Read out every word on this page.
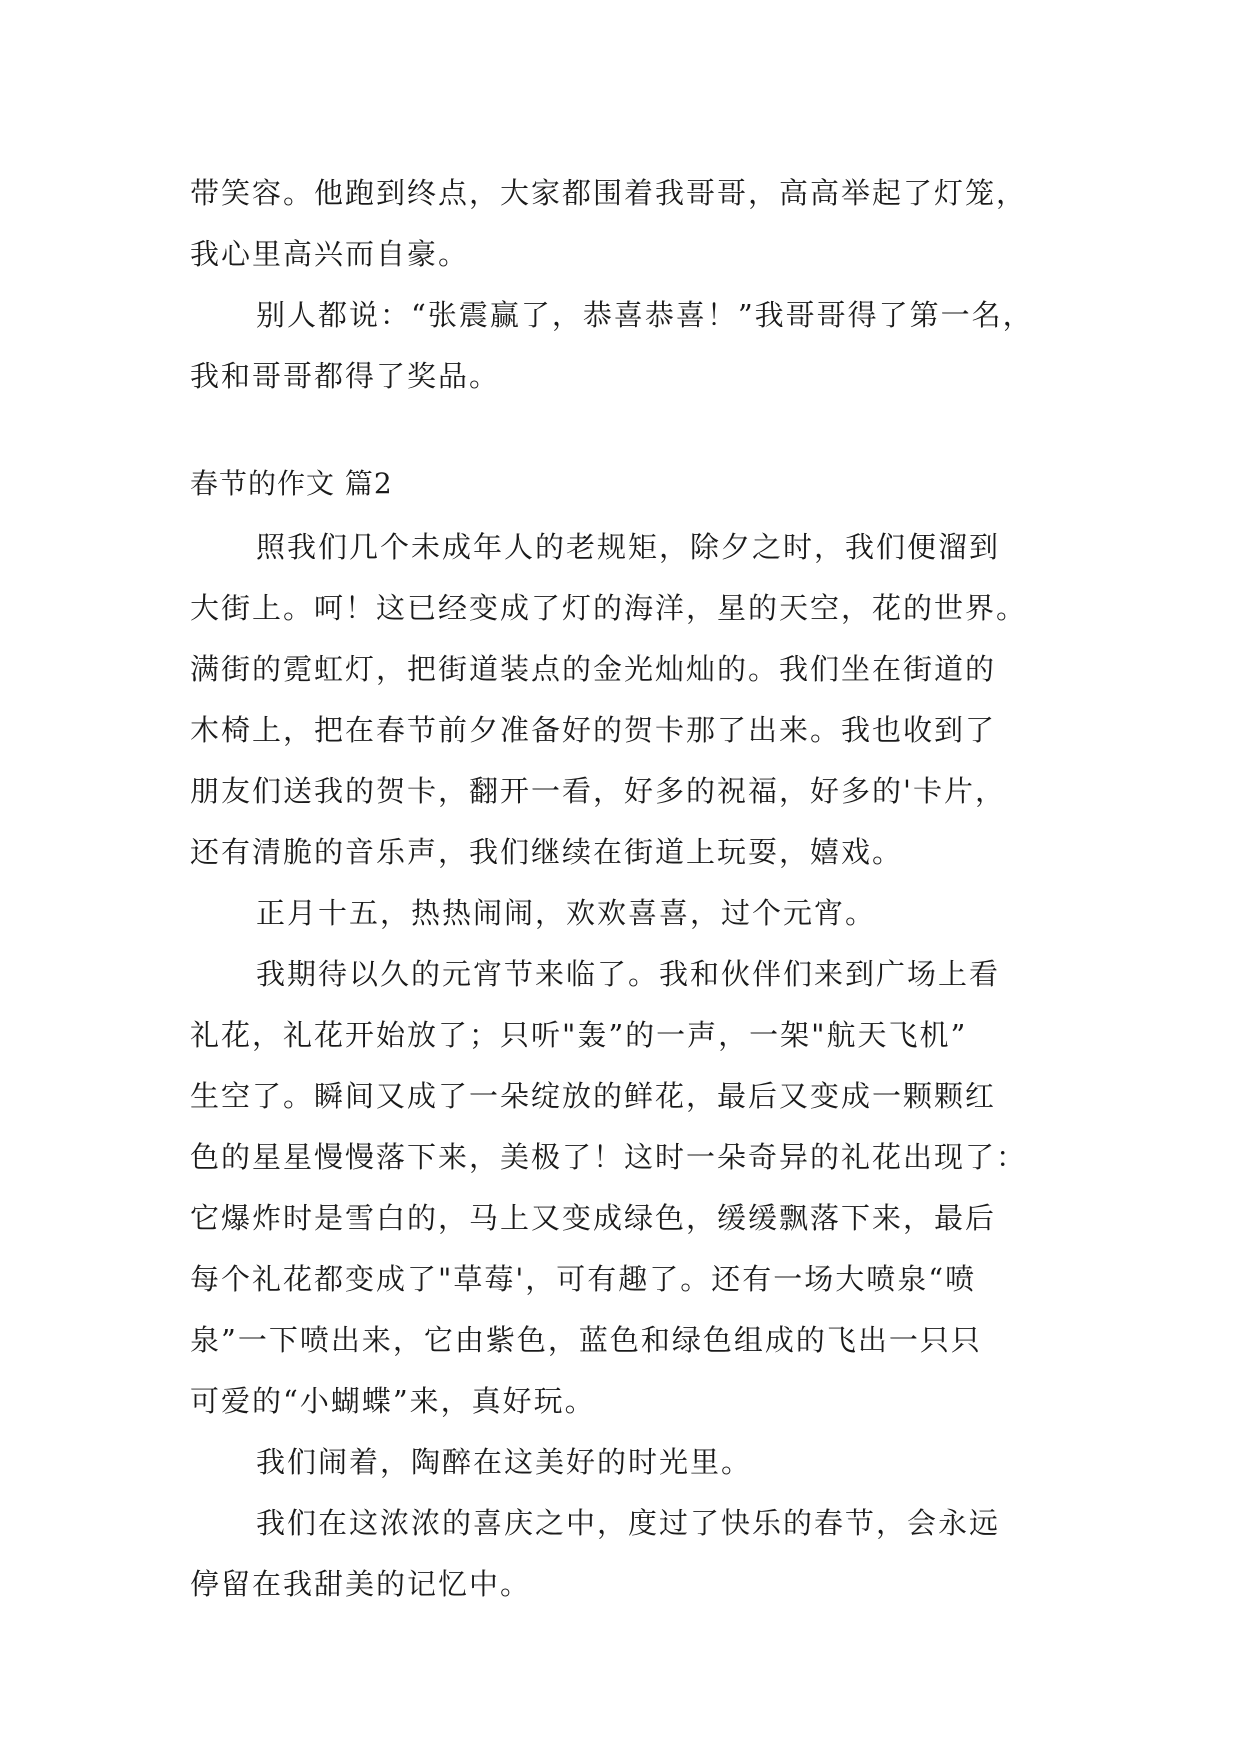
带笑容。他跑到终点，大家都围着我哥哥，高高举起了灯笼，
我心里高兴而自豪。
别人都说：“张震赢了，恭喜恭喜！”我哥哥得了第一名，
我和哥哥都得了奖品。
春节的作文 篇2
照我们几个未成年人的老规矩，除夕之时，我们便溜到
大街上。呵！这已经变成了灯的海洋，星的天空，花的世界。
满街的霓虹灯，把街道装点的金光灿灿的。我们坐在街道的
木椅上，把在春节前夕准备好的贺卡那了出来。我也收到了
朋友们送我的贺卡，翻开一看，好多的祝福，好多的'卡片，
还有清脆的音乐声，我们继续在街道上玩耍，嬉戏。
正月十五，热热闹闹，欢欢喜喜，过个元宵。
我期待以久的元宵节来临了。我和伙伴们来到广场上看
礼花，礼花开始放了；只听"轰”的一声，一架"航天飞机”
生空了。瞬间又成了一朵绽放的鲜花，最后又变成一颗颗红
色的星星慢慢落下来，美极了！这时一朵奇异的礼花出现了：
它爆炸时是雪白的，马上又变成绿色，缓缓飘落下来，最后
每个礼花都变成了"草莓'，可有趣了。还有一场大喷泉“喷
泉”一下喷出来，它由紫色，蓝色和绿色组成的飞出一只只
可爱的“小蝴蝶”来，真好玩。
我们闹着，陶醉在这美好的时光里。
我们在这浓浓的喜庆之中，度过了快乐的春节，会永远
停留在我甜美的记忆中。
